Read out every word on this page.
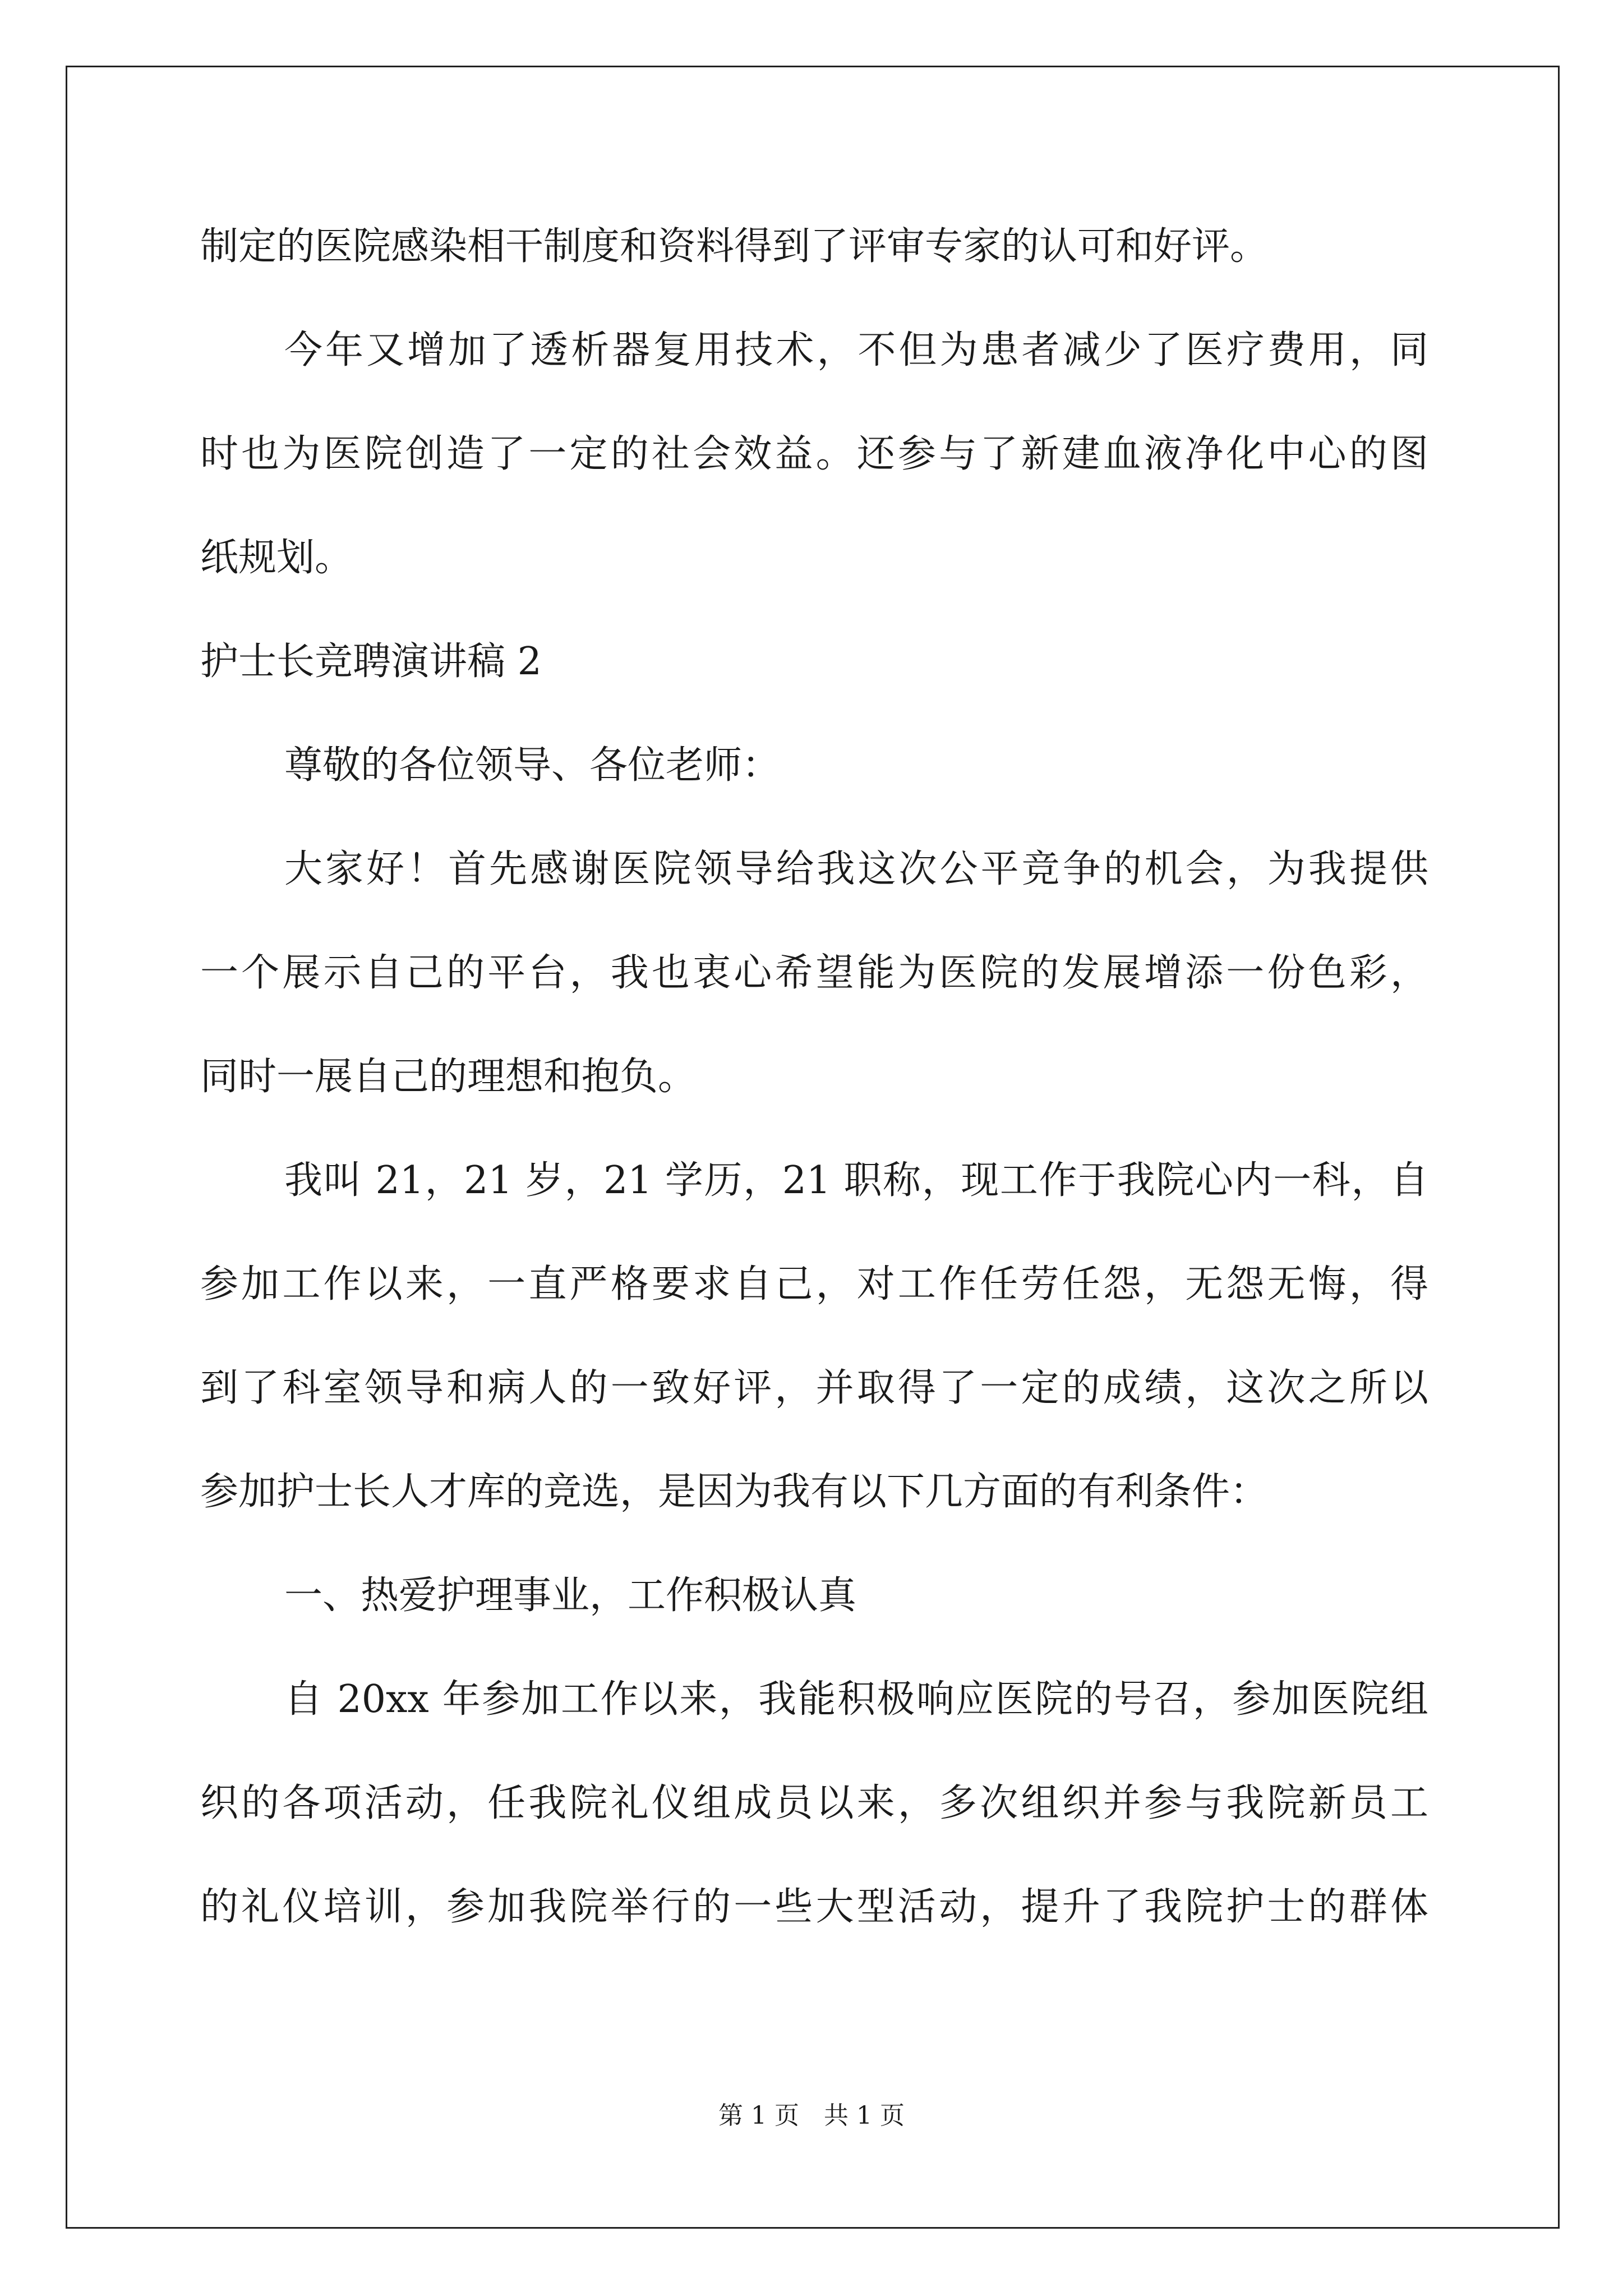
制定的医院感染相干制度和资料得到了评审专家的认可和好评。
今年又增加了透析器复用技术，不但为患者减少了医疗费用，同
时也为医院创造了一定的社会效益。还参与了新建血液净化中心的图
纸规划。
护士长竞聘演讲稿 2
尊敬的各位领导、各位老师：
大家好！首先感谢医院领导给我这次公平竞争的机会，为我提供
一个展示自己的平台，我也衷心希望能为医院的发展增添一份色彩，
同时一展自己的理想和抱负。
我叫 21，21 岁，21 学历，21 职称，现工作于我院心内一科，自
参加工作以来，一直严格要求自己，对工作任劳任怨，无怨无悔，得
到了科室领导和病人的一致好评，并取得了一定的成绩，这次之所以
参加护士长人才库的竞选，是因为我有以下几方面的有利条件：
一、热爱护理事业，工作积极认真
自 20xx 年参加工作以来，我能积极响应医院的号召，参加医院组
织的各项活动，任我院礼仪组成员以来，多次组织并参与我院新员工
的礼仪培训，参加我院举行的一些大型活动，提升了我院护士的群体
第 1 页　共 1 页
